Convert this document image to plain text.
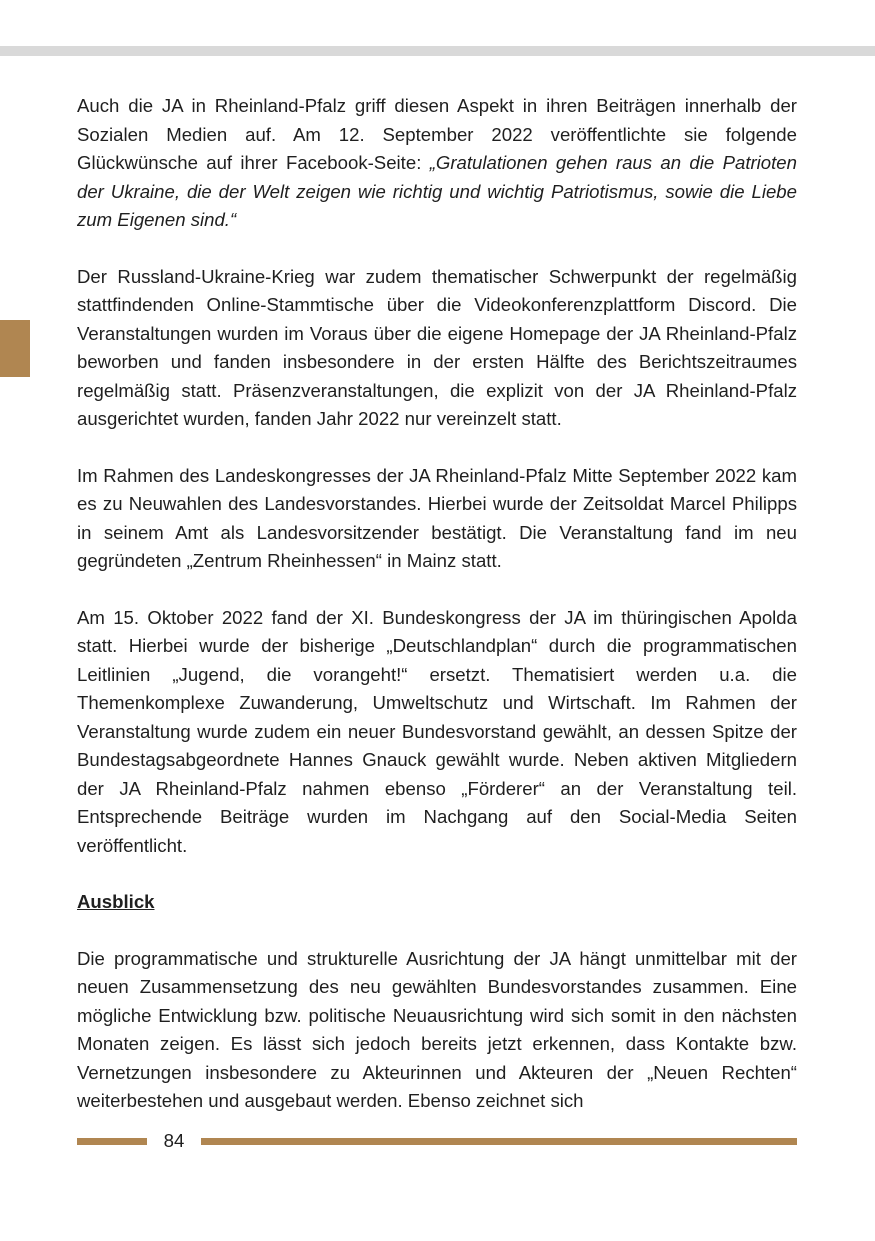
Auch die JA in Rheinland-Pfalz griff diesen Aspekt in ihren Beiträgen innerhalb der Sozialen Medien auf. Am 12. September 2022 veröffentlichte sie folgende Glückwünsche auf ihrer Facebook-Seite: „Gratulationen gehen raus an die Patrioten der Ukraine, die der Welt zeigen wie richtig und wichtig Patriotismus, sowie die Liebe zum Eigenen sind.“

Der Russland-Ukraine-Krieg war zudem thematischer Schwerpunkt der regelmäßig stattfindenden Online-Stammtische über die Videokonferenzplattform Discord. Die Veranstaltungen wurden im Voraus über die eigene Homepage der JA Rheinland-Pfalz beworben und fanden insbesondere in der ersten Hälfte des Berichtszeitraumes regelmäßig statt. Präsenzveranstaltungen, die explizit von der JA Rheinland-Pfalz ausgerichtet wurden, fanden Jahr 2022 nur vereinzelt statt.

Im Rahmen des Landeskongresses der JA Rheinland-Pfalz Mitte September 2022 kam es zu Neuwahlen des Landesvorstandes. Hierbei wurde der Zeitsoldat Marcel Philipps in seinem Amt als Landesvorsitzender bestätigt. Die Veranstaltung fand im neu gegründeten „Zentrum Rheinhessen“ in Mainz statt.

Am 15. Oktober 2022 fand der XI. Bundeskongress der JA im thüringischen Apolda statt. Hierbei wurde der bisherige „Deutschlandplan“ durch die programmatischen Leitlinien „Jugend, die vorangeht!“ ersetzt. Thematisiert werden u.a. die Themenkomplexe Zuwanderung, Umweltschutz und Wirtschaft. Im Rahmen der Veranstaltung wurde zudem ein neuer Bundesvorstand gewählt, an dessen Spitze der Bundestagsabgeordnete Hannes Gnauck gewählt wurde. Neben aktiven Mitgliedern der JA Rheinland-Pfalz nahmen ebenso „Förderer“ an der Veranstaltung teil. Entsprechende Beiträge wurden im Nachgang auf den Social-Media Seiten veröffentlicht.

Ausblick

Die programmatische und strukturelle Ausrichtung der JA hängt unmittelbar mit der neuen Zusammensetzung des neu gewählten Bundesvorstandes zusammen. Eine mögliche Entwicklung bzw. politische Neuausrichtung wird sich somit in den nächsten Monaten zeigen. Es lässt sich jedoch bereits jetzt erkennen, dass Kontakte bzw. Vernetzungen insbesondere zu Akteurinnen und Akteuren der „Neuen Rechten“ weiterbestehen und ausgebaut werden. Ebenso zeichnet sich

84
